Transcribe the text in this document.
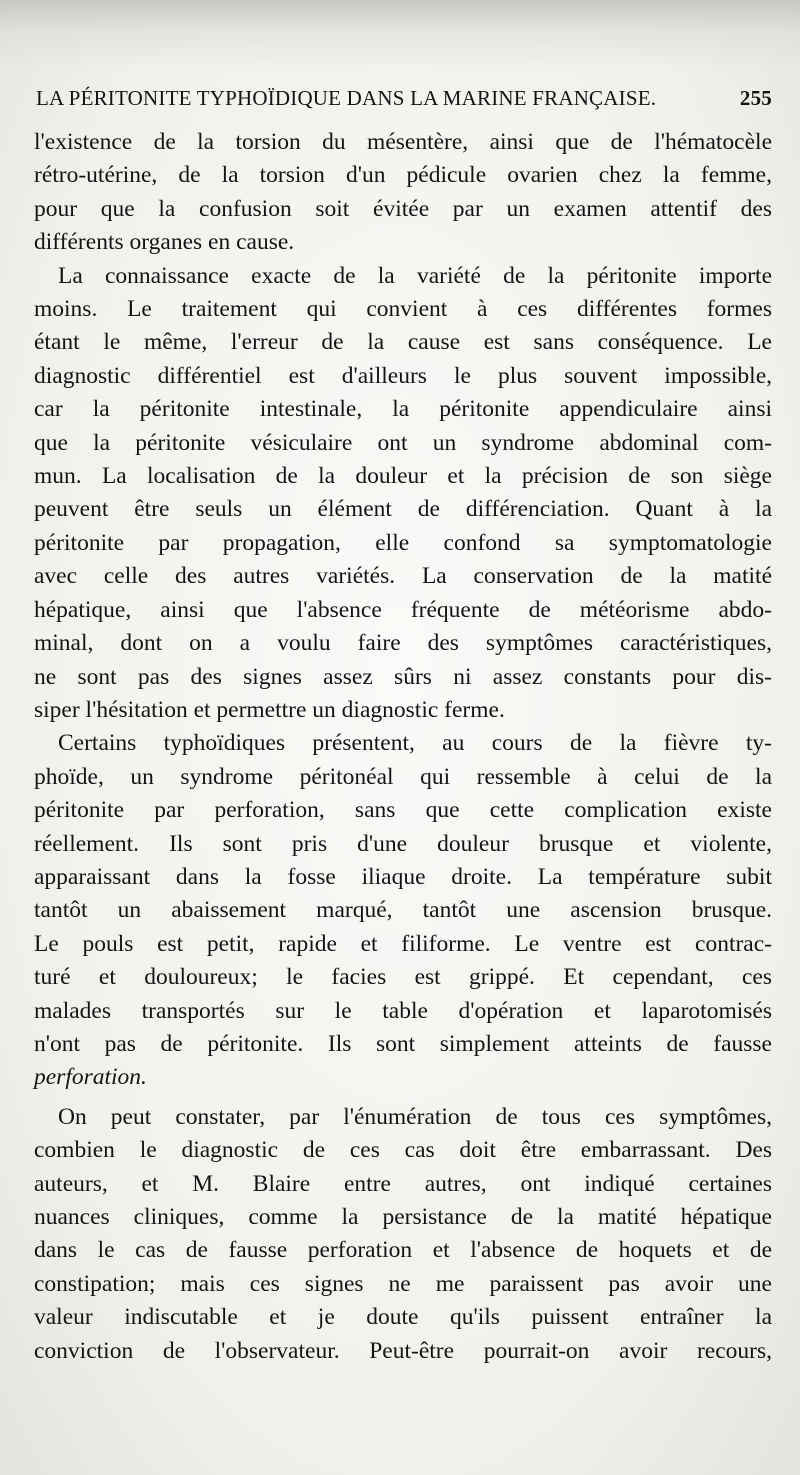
LA PÉRITONITE TYPHOÏDIQUE DANS LA MARINE FRANÇAISE.	255

l'existence de la torsion du mésentère, ainsi que de l'hématocèle
rétro-utérine, de la torsion d'un pédicule ovarien chez la femme,
pour que la confusion soit évitée par un examen attentif des
différents organes en cause.

La connaissance exacte de la variété de la péritonite importe
moins. Le traitement qui convient à ces différentes formes
étant le même, l'erreur de la cause est sans conséquence. Le
diagnostic différentiel est d'ailleurs le plus souvent impossible,
car la péritonite intestinale, la péritonite appendiculaire ainsi
que la péritonite vésiculaire ont un syndrome abdominal com-
mun. La localisation de la douleur et la précision de son siège
peuvent être seuls un élément de différenciation. Quant à la
péritonite par propagation, elle confond sa symptomatologie
avec celle des autres variétés. La conservation de la matité
hépatique, ainsi que l'absence fréquente de météorisme abdo-
minal, dont on a voulu faire des symptômes caractéristiques,
ne sont pas des signes assez sûrs ni assez constants pour dis-
siper l'hésitation et permettre un diagnostic ferme.

Certains typhoïdiques présentent, au cours de la fièvre ty-
phoïde, un syndrome péritonéal qui ressemble à celui de la
péritonite par perforation, sans que cette complication existe
réellement. Ils sont pris d'une douleur brusque et violente,
apparaissant dans la fosse iliaque droite. La température subit
tantôt un abaissement marqué, tantôt une ascension brusque.
Le pouls est petit, rapide et filiforme. Le ventre est contrac-
turé et douloureux; le facies est grippé. Et cependant, ces
malades transportés sur le table d'opération et laparotomisés
n'ont pas de péritonite. Ils sont simplement atteints de fausse
perforation.

On peut constater, par l'énumération de tous ces symptômes,
combien le diagnostic de ces cas doit être embarrassant. Des
auteurs, et M. Blaire entre autres, ont indiqué certaines
nuances cliniques, comme la persistance de la matité hépatique
dans le cas de fausse perforation et l'absence de hoquets et de
constipation; mais ces signes ne me paraissent pas avoir une
valeur indiscutable et je doute qu'ils puissent entraîner la
conviction de l'observateur. Peut-être pourrait-on avoir recours,
